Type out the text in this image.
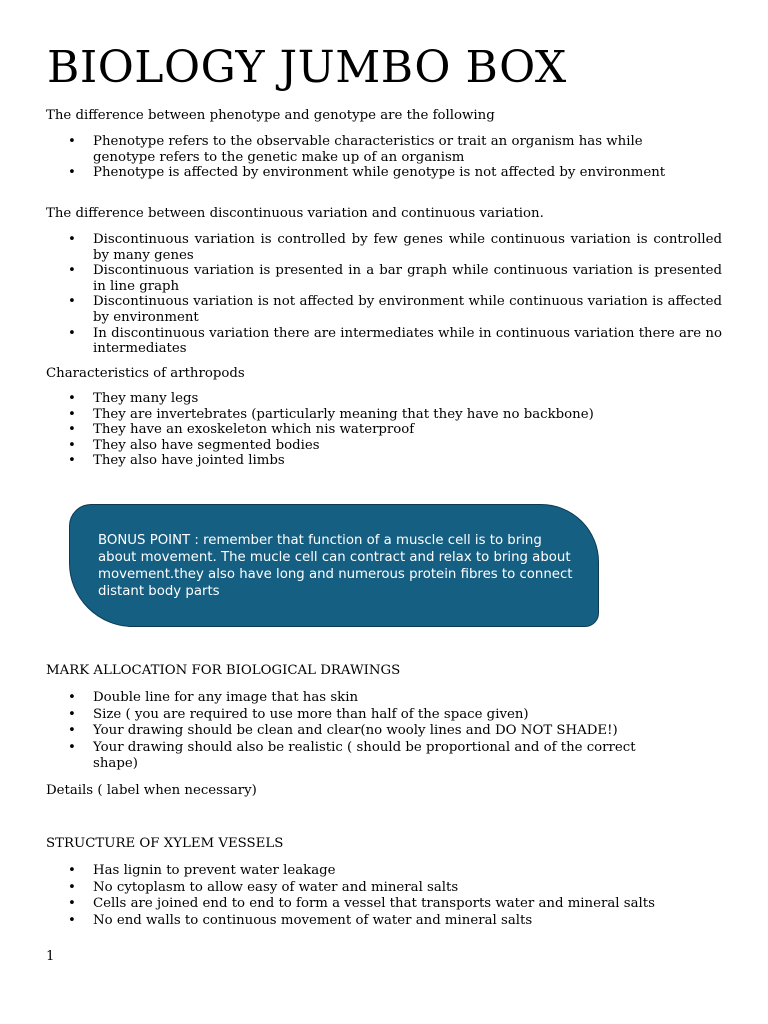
BIOLOGY JUMBO BOX

The difference between phenotype and genotype are the following

• Phenotype refers to the observable characteristics or trait an organism has while genotype refers to the genetic make up of an organism
• Phenotype is affected by environment while genotype is not affected by environment

The difference between discontinuous variation and continuous variation.

• Discontinuous variation is controlled by few genes while continuous variation is controlled by many genes
• Discontinuous variation is presented in a bar graph while continuous variation is presented in line graph
• Discontinuous variation is not affected by environment while continuous variation is affected by environment
• In discontinuous variation there are intermediates while in continuous variation there are no intermediates

Characteristics of arthropods

• They many legs
• They are invertebrates (particularly meaning that they have no backbone)
• They have an exoskeleton which nis waterproof
• They also have segmented bodies
• They also have jointed limbs
BONUS POINT : remember that function of a muscle cell is to bring about movement. The mucle cell can contract and relax to bring about movement.they also have long and numerous protein fibres to connect distant body parts

MARK ALLOCATION FOR BIOLOGICAL DRAWINGS

• Double line for any image that has skin
• Size ( you are required to use more than half of the space given)
• Your drawing should be clean and clear(no wooly lines and DO NOT SHADE!)
• Your drawing should also be realistic ( should be proportional and of the correct shape)

Details ( label when necessary)

STRUCTURE OF XYLEM VESSELS

• Has lignin to prevent water leakage
• No cytoplasm to allow easy of water and mineral salts
• Cells are joined end to end to form a vessel that transports water and mineral salts
• No end walls to continuous movement of water and mineral salts
1
